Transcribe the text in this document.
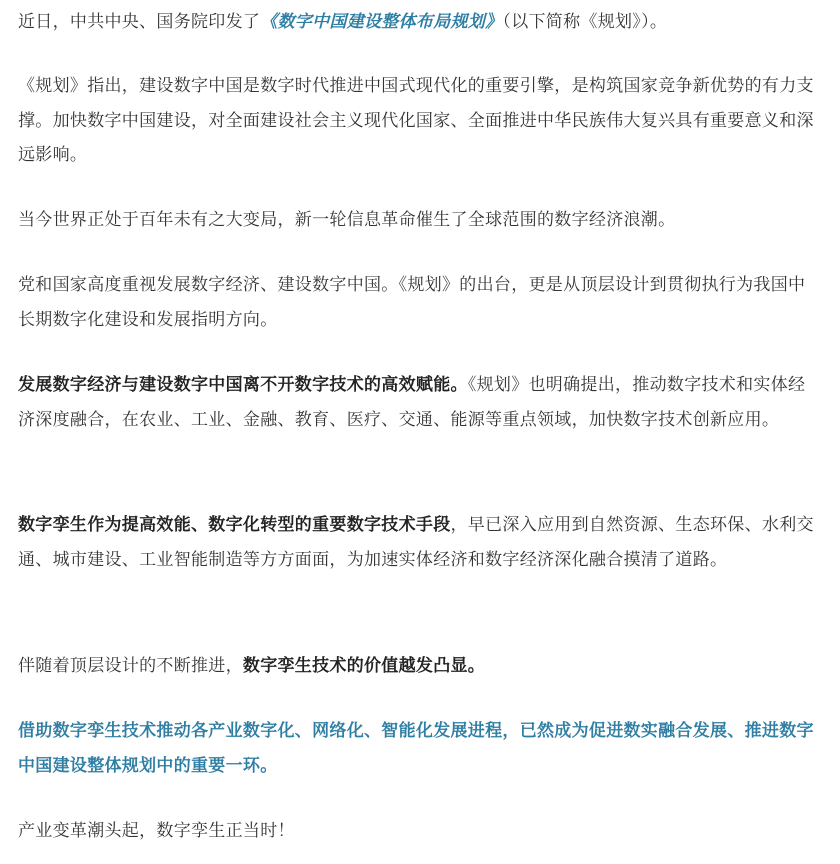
近日，中共中央、国务院印发了《数字中国建设整体布局规划》（以下简称《规划》）。

《规划》指出，建设数字中国是数字时代推进中国式现代化的重要引擎，是构筑国家竞争新优势的有力支撑。加快数字中国建设，对全面建设社会主义现代化国家、全面推进中华民族伟大复兴具有重要意义和深远影响。

当今世界正处于百年未有之大变局，新一轮信息革命催生了全球范围的数字经济浪潮。

党和国家高度重视发展数字经济、建设数字中国。《规划》的出台，更是从顶层设计到贯彻执行为我国中长期数字化建设和发展指明方向。

发展数字经济与建设数字中国离不开数字技术的高效赋能。《规划》也明确提出，推动数字技术和实体经济深度融合，在农业、工业、金融、教育、医疗、交通、能源等重点领域，加快数字技术创新应用。

数字孪生作为提高效能、数字化转型的重要数字技术手段，早已深入应用到自然资源、生态环保、水利交通、城市建设、工业智能制造等方方面面，为加速实体经济和数字经济深化融合摸清了道路。

伴随着顶层设计的不断推进，数字孪生技术的价值越发凸显。

借助数字孪生技术推动各产业数字化、网络化、智能化发展进程，已然成为促进数实融合发展、推进数字中国建设整体规划中的重要一环。

产业变革潮头起，数字孪生正当时！
